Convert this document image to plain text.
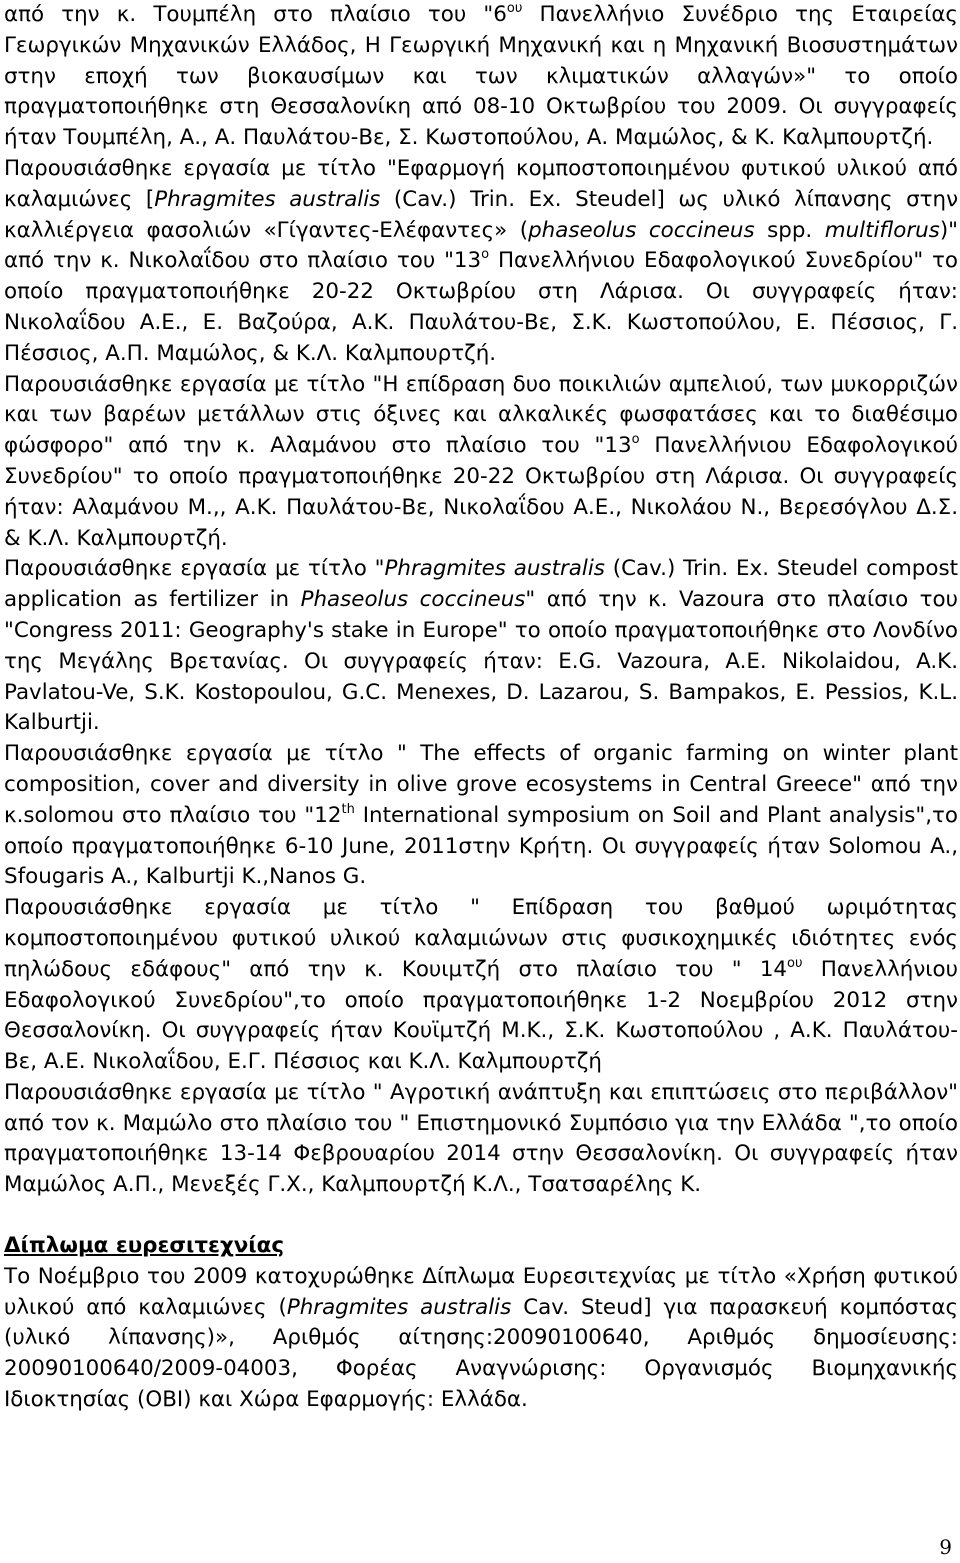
από την κ. Τουμπέλη στο πλαίσιο του "$6^{o\upsilon}$ Πανελλήνιο Συνέδριο της Εταιρείας Γεωργικών Μηχανικών Ελλάδος, Η Γεωργική Μηχανική και η Μηχανική Βιοσυστημάτων στην εποχή των βιοκαυσίμων και των κλιματικών αλλαγών»" το οποίο πραγματοποιήθηκε στη Θεσσαλονίκη από 08-10 Οκτωβρίου του 2009. Οι συγγραφείς ήταν Τουμπέλη, Α., Α. Παυλάτου-Βε, Σ. Κωστοπούλου, Α. Μαμώλος, & Κ. Καλμπουρτζή.

Παρουσιάσθηκε εργασία με τίτλο "Εφαρμογή κομποστοποιημένου φυτικού υλικού από καλαμιώνες [Phragmites australis (Cav.) Trin. Ex. Steudel] ως υλικό λίπανσης στην καλλιέργεια φασολιών «Γίγαντες-Ελέφαντες» (phaseolus coccineus spp. multiflorus)" από την κ. Νικολαΐδου στο πλαίσιο του "$13^o$ Πανελλήνιου Εδαφολογικού Συνεδρίου" το οποίο πραγματοποιήθηκε 20-22 Οκτωβρίου στη Λάρισα. Οι συγγραφείς ήταν: Νικολαΐδου Α.Ε., Ε. Βαζούρα, Α.Κ. Παυλάτου-Βε, Σ.Κ. Κωστοπούλου, Ε. Πέσσιος, Γ. Πέσσιος, Α.Π. Μαμώλος, & Κ.Λ. Καλμπουρτζή.

Παρουσιάσθηκε εργασία με τίτλο "Η επίδραση δυο ποικιλιών αμπελιού, των μυκορριζών και των βαρέων μετάλλων στις όξινες και αλκαλικές φωσφατάσες και το διαθέσιμο φώσφορο" από την κ. Αλαμάνου στο πλαίσιο του "$13^o$ Πανελλήνιου Εδαφολογικού Συνεδρίου" το οποίο πραγματοποιήθηκε 20-22 Οκτωβρίου στη Λάρισα. Οι συγγραφείς ήταν: Αλαμάνου Μ.,, Α.Κ. Παυλάτου-Βε, Νικολαΐδου Α.Ε., Νικολάου Ν., Βερεσόγλου Δ.Σ. & Κ.Λ. Καλμπουρτζή.

Παρουσιάσθηκε εργασία με τίτλο "Phragmites australis (Cav.) Trin. Ex. Steudel compost application as fertilizer in Phaseolus coccineus" από την κ. Vazoura στο πλαίσιο του "Congress 2011: Geography's stake in Europe" το οποίο πραγματοποιήθηκε στο Λονδίνο της Μεγάλης Βρετανίας. Οι συγγραφείς ήταν: E.G. Vazoura, A.E. Nikolaidou, A.K. Pavlatou-Ve, S.K. Kostopoulou, G.C. Menexes, D. Lazarou, S. Bampakos, E. Pessios, K.L. Kalburtji.

Παρουσιάσθηκε εργασία με τίτλο " The effects of organic farming on winter plant composition, cover and diversity in olive grove ecosystems in Central Greece" από την κ.solomou στο πλαίσιο του "12th International symposium on Soil and Plant analysis",το οποίο πραγματοποιήθηκε 6-10 June, 2011στην Κρήτη. Οι συγγραφείς ήταν Solomou A., Sfougaris A., Kalburtji K.,Nanos G.

Παρουσιάσθηκε εργασία με τίτλο " Επίδραση του βαθμού ωριμότητας κομποστοποιημένου φυτικού υλικού καλαμιώνων στις φυσικοχημικές ιδιότητες ενός πηλώδους εδάφους" από την κ. Κουιμτζή στο πλαίσιο του " $14^{o\upsilon}$ Πανελλήνιου Εδαφολογικού Συνεδρίου",το οποίο πραγματοποιήθηκε 1-2 Νοεμβρίου 2012 στην Θεσσαλονίκη. Οι συγγραφείς ήταν Κουϊμτζή Μ.Κ., Σ.Κ. Κωστοπούλου , Α.Κ. Παυλάτου-Βε, Α.Ε. Νικολαΐδου, Ε.Γ. Πέσσιος και Κ.Λ. Καλμπουρτζή

Παρουσιάσθηκε εργασία με τίτλο " Αγροτική ανάπτυξη και επιπτώσεις στο περιβάλλον" από τον κ. Μαμώλο στο πλαίσιο του " Επιστημονικό Συμπόσιο για την Ελλάδα ",το οποίο πραγματοποιήθηκε 13-14 Φεβρουαρίου 2014 στην Θεσσαλονίκη. Οι συγγραφείς ήταν Μαμώλος Α.Π., Μενεξές Γ.Χ., Καλμπουρτζή Κ.Λ., Τσατσαρέλης Κ.

Δίπλωμα ευρεσιτεχνίας

Το Νοέμβριο του 2009 κατοχυρώθηκε Δίπλωμα Ευρεσιτεχνίας με τίτλο «Χρήση φυτικού υλικού από καλαμιώνες (Phragmites australis Cav. Steud] για παρασκευή κομπόστας (υλικό λίπανσης)», Αριθμός αίτησης:20090100640, Αριθμός δημοσίευσης: 20090100640/2009-04003, Φορέας Αναγνώρισης: Οργανισμός Βιομηχανικής Ιδιοκτησίας (ΟΒΙ) και Χώρα Εφαρμογής: Ελλάδα.

9
